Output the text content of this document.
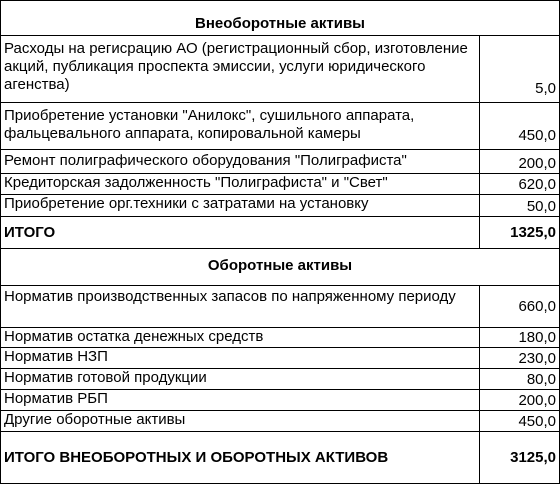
Внеоборотные активы	
Расходы на регисрацию АО (регистрационный сбор, изготовление акций, публикация проспекта эмиссии, услуги юридического агенства)	5,0
Приобретение установки "Анилокс", сушильного аппарата, фальцевального аппарата, копировальной камеры	450,0
Ремонт полиграфического оборудования "Полиграфиста"	200,0
Кредиторская задолженность "Полиграфиста" и "Свет"	620,0
Приобретение орг.техники с затратами на установку	50,0
ИТОГО	1325,0
Оборотные активы	
Норматив производственных запасов по напряженному периоду	660,0
Норматив остатка денежных средств	180,0
Норматив НЗП	230,0
Норматив готовой продукции	80,0
Норматив РБП	200,0
Другие оборотные активы	450,0
ИТОГО ВНЕОБОРОТНЫХ И ОБОРОТНЫХ АКТИВОВ	3125,0
